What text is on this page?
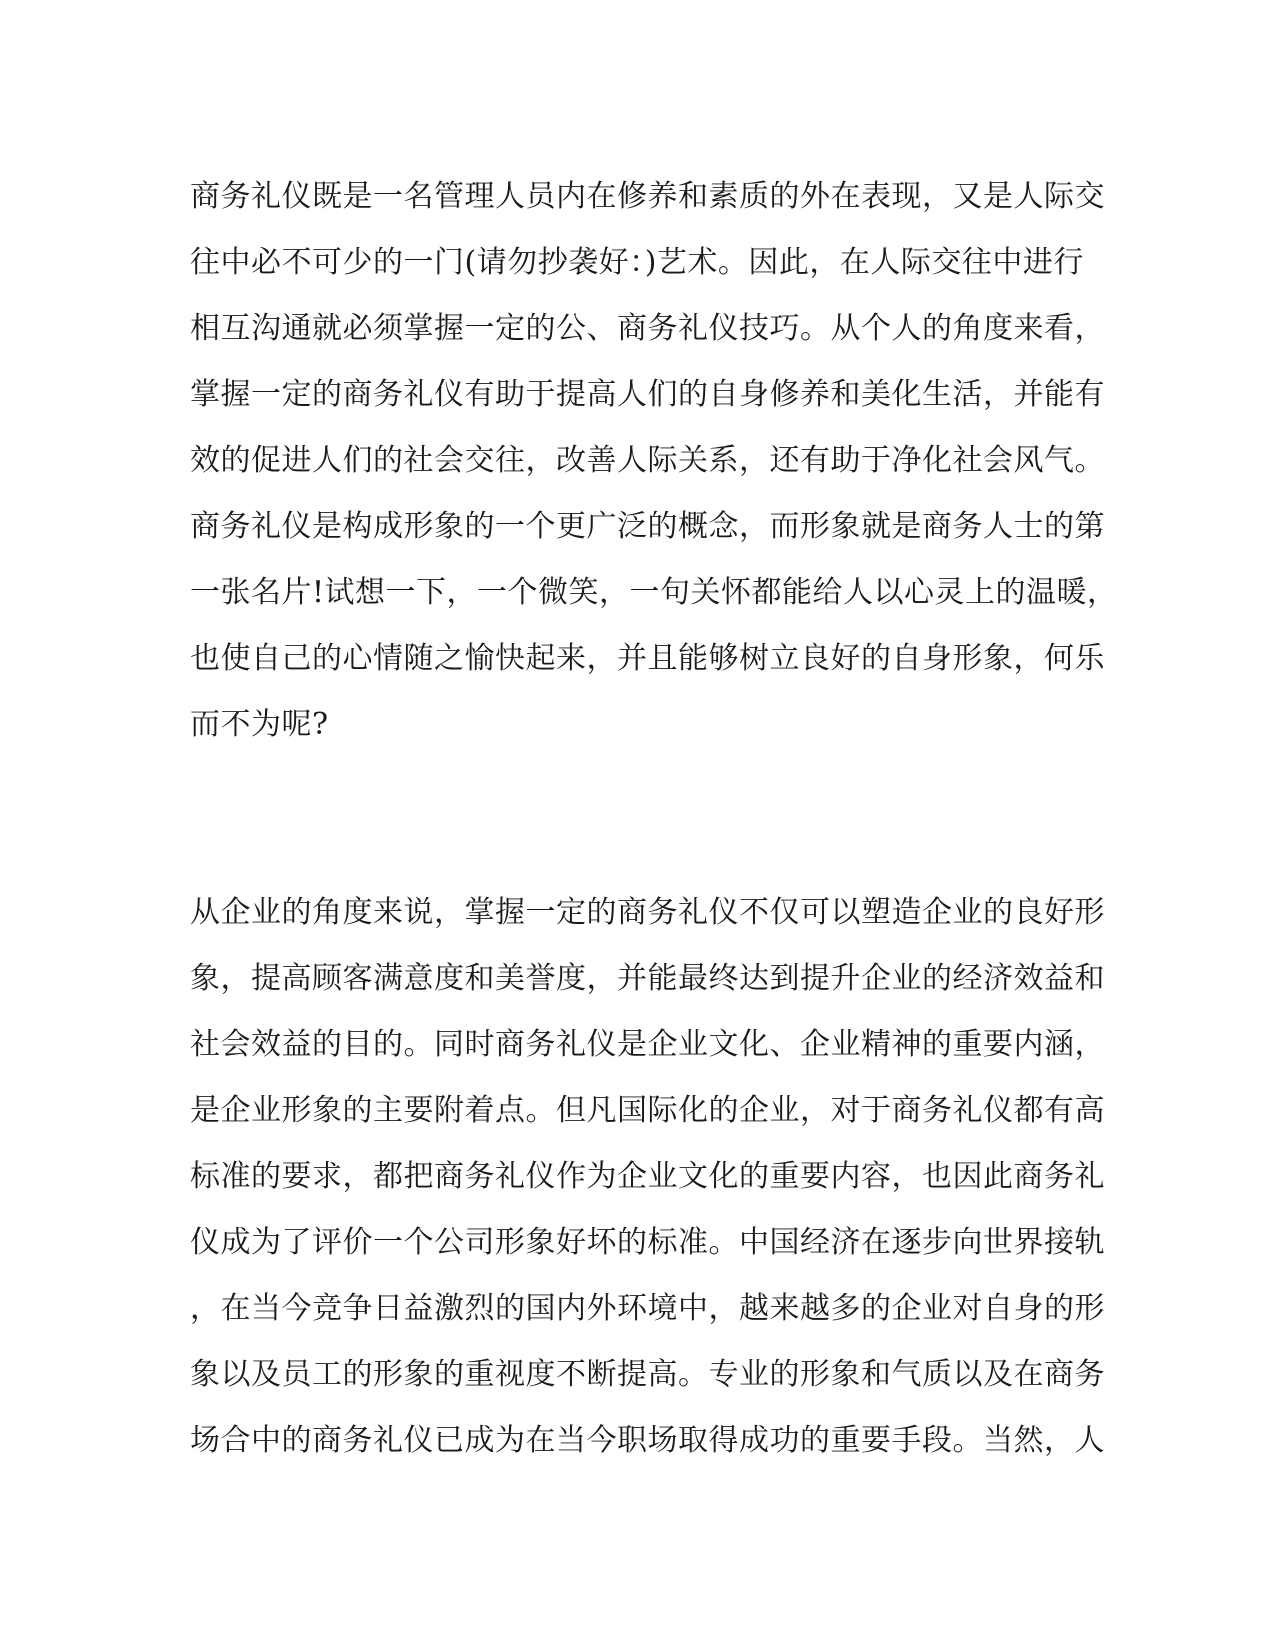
商务礼仪既是一名管理人员内在修养和素质的外在表现，又是人际交
往中必不可少的一门(请勿抄袭好：)艺术。因此，在人际交往中进行
相互沟通就必须掌握一定的公、商务礼仪技巧。从个人的角度来看，
掌握一定的商务礼仪有助于提高人们的自身修养和美化生活，并能有
效的促进人们的社会交往，改善人际关系，还有助于净化社会风气。
商务礼仪是构成形象的一个更广泛的概念，而形象就是商务人士的第
一张名片!试想一下，一个微笑，一句关怀都能给人以心灵上的温暖，
也使自己的心情随之愉快起来，并且能够树立良好的自身形象，何乐
而不为呢?
从企业的角度来说，掌握一定的商务礼仪不仅可以塑造企业的良好形
象，提高顾客满意度和美誉度，并能最终达到提升企业的经济效益和
社会效益的目的。同时商务礼仪是企业文化、企业精神的重要内涵，
是企业形象的主要附着点。但凡国际化的企业，对于商务礼仪都有高
标准的要求，都把商务礼仪作为企业文化的重要内容，也因此商务礼
仪成为了评价一个公司形象好坏的标准。中国经济在逐步向世界接轨
，在当今竞争日益激烈的国内外环境中，越来越多的企业对自身的形
象以及员工的形象的重视度不断提高。专业的形象和气质以及在商务
场合中的商务礼仪已成为在当今职场取得成功的重要手段。当然，人
